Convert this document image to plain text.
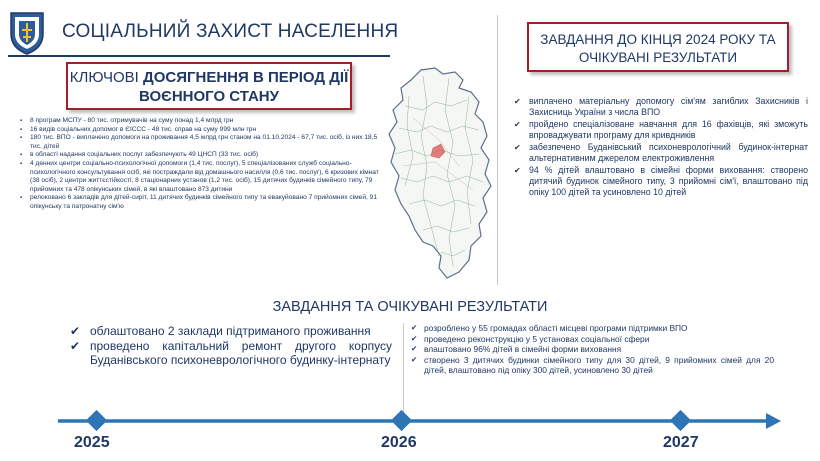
СОЦІАЛЬНИЙ ЗАХИСТ НАСЕЛЕННЯ
КЛЮЧОВІ ДОСЯГНЕННЯ В ПЕРІОД ДІЇ
ВОЄННОГО СТАНУ
▪ 8 програм МСПУ - 80 тис. отримувачів на суму понад 1,4 млрд грн
▪ 16 видів соціальних допомог в ЄІССС - 48 тис. справ на суму 999 млн грн
▪ 180 тис. ВПО - виплачено допомоги на проживання 4,5 млрд грн станом на 01.10.2024 - 67,7 тис. осіб, із них 18,5 тис. дітей
▪ в області надання соціальних послуг забезпечують 49 ЦНСП (33 тис. осіб)
▪ 4 денних центри соціально-психологічної допомоги (1,4 тис. послуг), 5 спеціалізованих служб соціально-психологічного консультування осіб, які постраждали від домашнього насилля (0,6 тис. послуг), 6 кризових кімнат (38 осіб), 2 центри життєстійкості, 8 стаціонарних установ (1,2 тис. осіб), 15 дитячих будинків сімейного типу, 79 прийомних та 478 опікунських сімей, в які влаштовано 873 дитини
▪ релоковано 6 закладів для дітей-сиріт, 11 дитячих будинків сімейного типу та евакуйовано 7 прийомних сімей, 91 опікунську та патронатну сім'ю
ЗАВДАННЯ ДО КІНЦЯ 2024 РОКУ ТА
ОЧІКУВАНІ РЕЗУЛЬТАТИ
✔ виплачено матеріальну допомогу сім'ям загиблих Захисників і Захисниць України з числа ВПО
✔ пройдено спеціалізоване навчання для 16 фахівців, які зможуть впроваджувати програму для кривдників
✔ забезпечено Буданівський психоневрологічний будинок-інтернат альтернативним джерелом електроживлення
✔ 94 % дітей влаштовано в сімейні форми виховання: створено дитячий будинок сімейного типу, 3 прийомні сім'ї, влаштовано під опіку 100 дітей та усиновлено 10 дітей
ЗАВДАННЯ ТА ОЧІКУВАНІ РЕЗУЛЬТАТИ
✔ облаштовано 2 заклади підтриманого проживання
✔ проведено капітальний ремонт другого корпусу Буданівського психоневрологічного будинку-інтернату
✔ розроблено у 55 громадах області місцеві програми підтримки ВПО
✔ проведено реконструкцію у 5 установах соціальної сфери
✔ влаштовано 96% дітей в сімейні форми виховання
✔ створено 3 дитячих будинки сімейного типу для 30 дітей, 9 прийомних сімей для 20 дітей, влаштовано під опіку 300 дітей, усиновлено 30 дітей
2025	2026	2027
